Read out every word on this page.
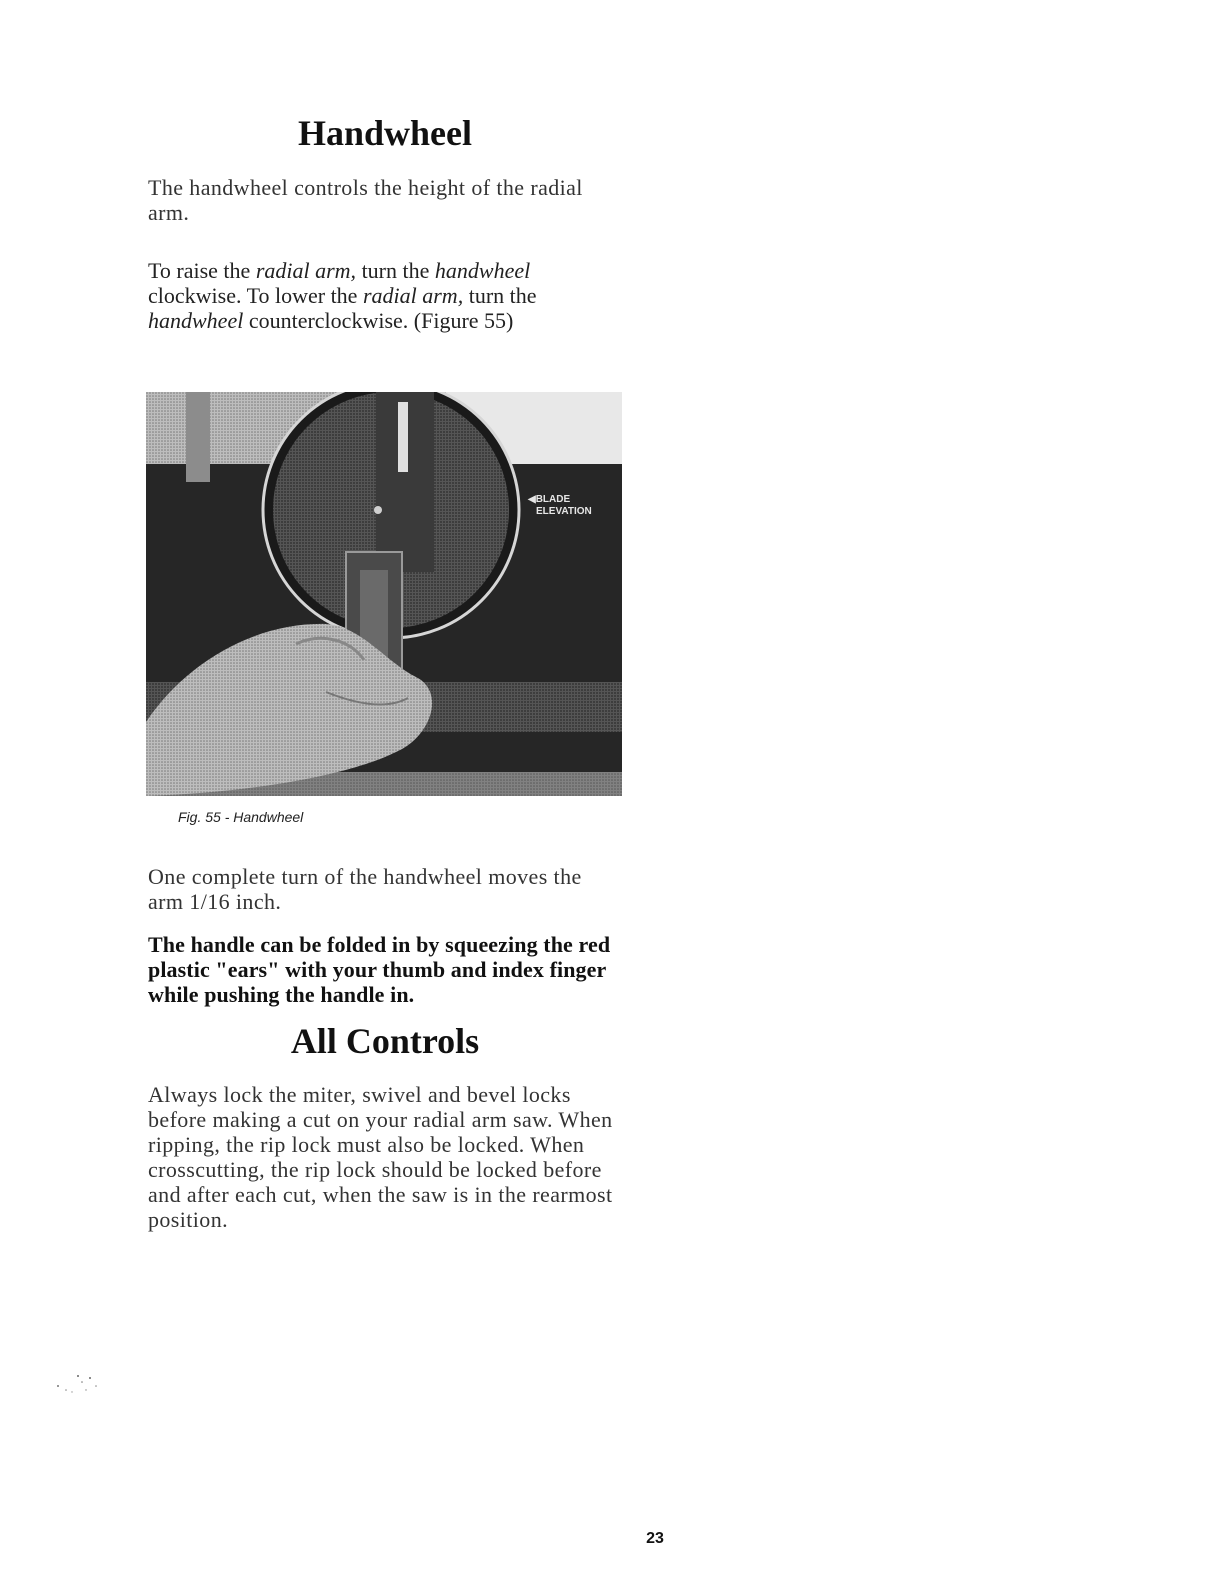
Handwheel

The handwheel controls the height of the radial arm.

To raise the radial arm, turn the handwheel clockwise. To lower the radial arm, turn the handwheel counterclockwise. (Figure 55)

◀BLADE
ELEVATION
Fig. 55 - Handwheel

One complete turn of the handwheel moves the arm 1/16 inch.

The handle can be folded in by squeezing the red plastic "ears" with your thumb and index finger while pushing the handle in.

All Controls

Always lock the miter, swivel and bevel locks before making a cut on your radial arm saw. When ripping, the rip lock must also be locked. When crosscutting, the rip lock should be locked before and after each cut, when the saw is in the rearmost position.

23
